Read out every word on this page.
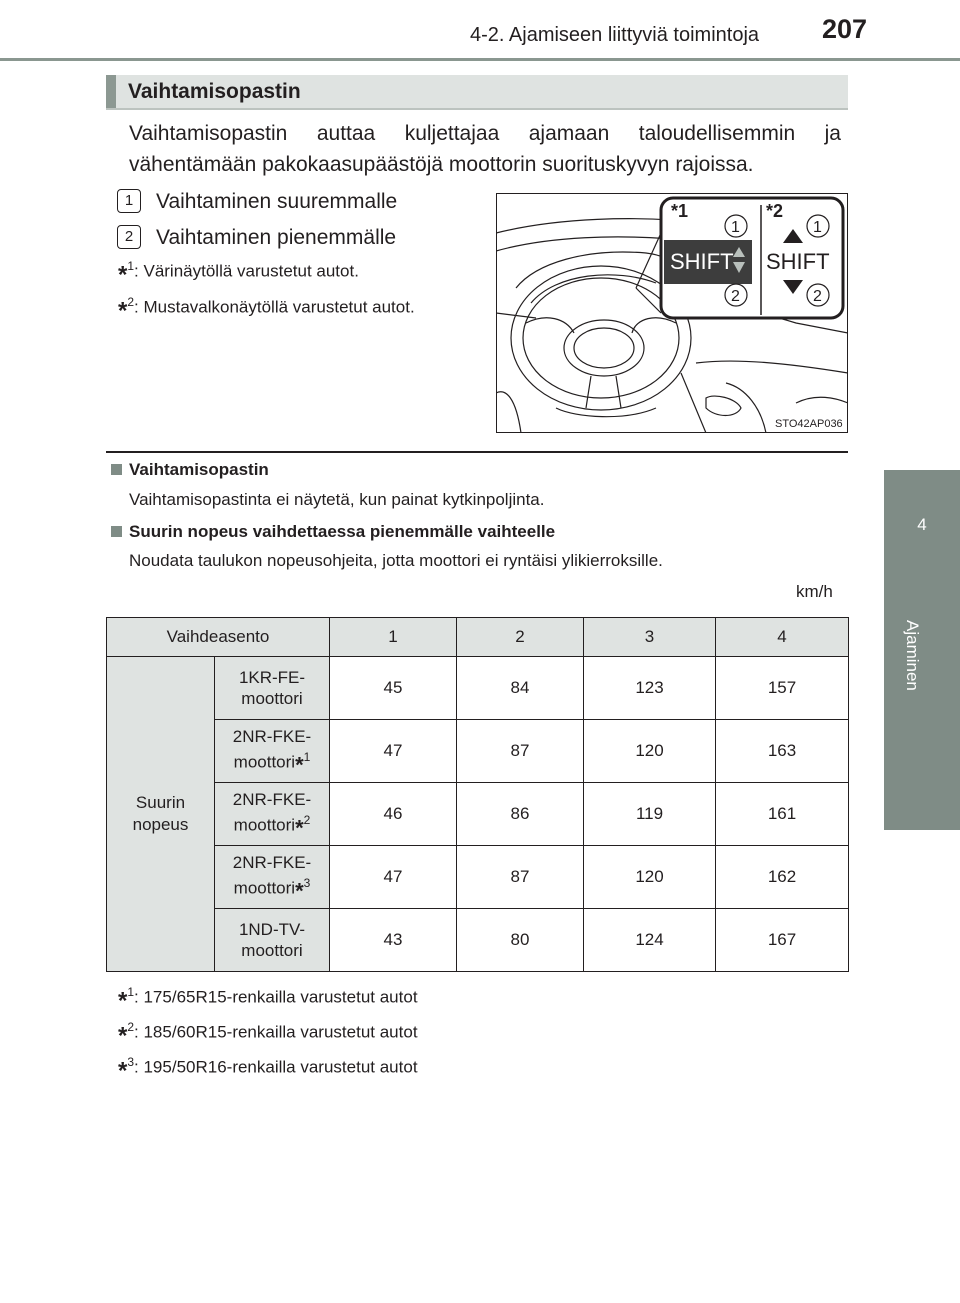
4-2. Ajamiseen liittyviä toimintoja 207
4
Ajaminen
Vaihtamisopastin
Vaihtamisopastin auttaa kuljettajaa ajamaan taloudellisemmin ja vähentämään pakokaasupäästöjä moottorin suorituskyvyn rajoissa.
1	Vaihtaminen suuremmalle
2	Vaihtaminen pienemmälle
*$^1$: Värinäytöllä varustetut autot.
*$^2$: Mustavalkonäytöllä varustetut autot.
*1	*2
SHIFT
1
2
SHIFT
1
2
STO42AP036
Vaihtamisopastin
Vaihtamisopastinta ei näytetä, kun painat kytkinpoljinta.
Suurin nopeus vaihdettaessa pienemmälle vaihteelle
Noudata taulukon nopeusohjeita, jotta moottori ei ryntäisi ylikierroksille.
km/h
Vaihdeasento		1	2	3	4
Suurin
nopeus	1KR-FE-
moottori	45	84	123	157
	2NR-FKE-
moottori*$^1$	47	87	120	163
	2NR-FKE-
moottori*$^2$	46	86	119	161
	2NR-FKE-
moottori*$^3$	47	87	120	162
	1ND-TV-
moottori	43	80	124	167
*$^1$: 175/65R15-renkailla varustetut autot
*$^2$: 185/60R15-renkailla varustetut autot
*$^3$: 195/50R16-renkailla varustetut autot
